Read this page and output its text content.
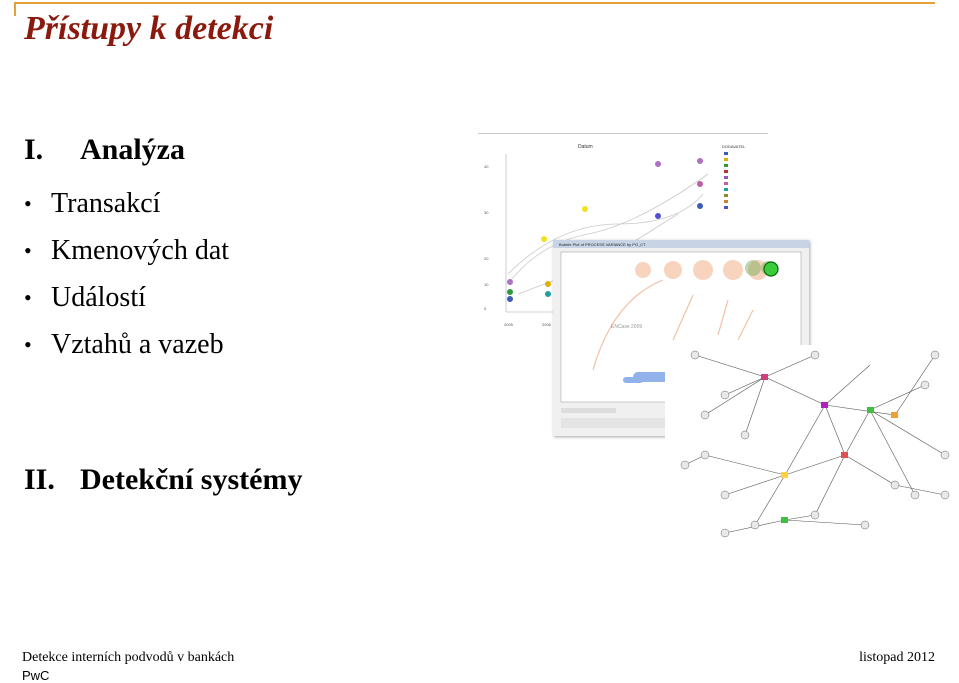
Přístupy k detekci
I. Analýza
• Transakcí
• Kmenových dat
• Událostí
• Vztahů a vazeb
II. Detekční systémy
Datum	DODAVATEL
40
30
20
10
0
2005	2006
Bubble Plot of PROCESS VARIANCE by PO_CT
ENCase 2009
Detekce interních podvodů v bankách
PwC
listopad 2012
